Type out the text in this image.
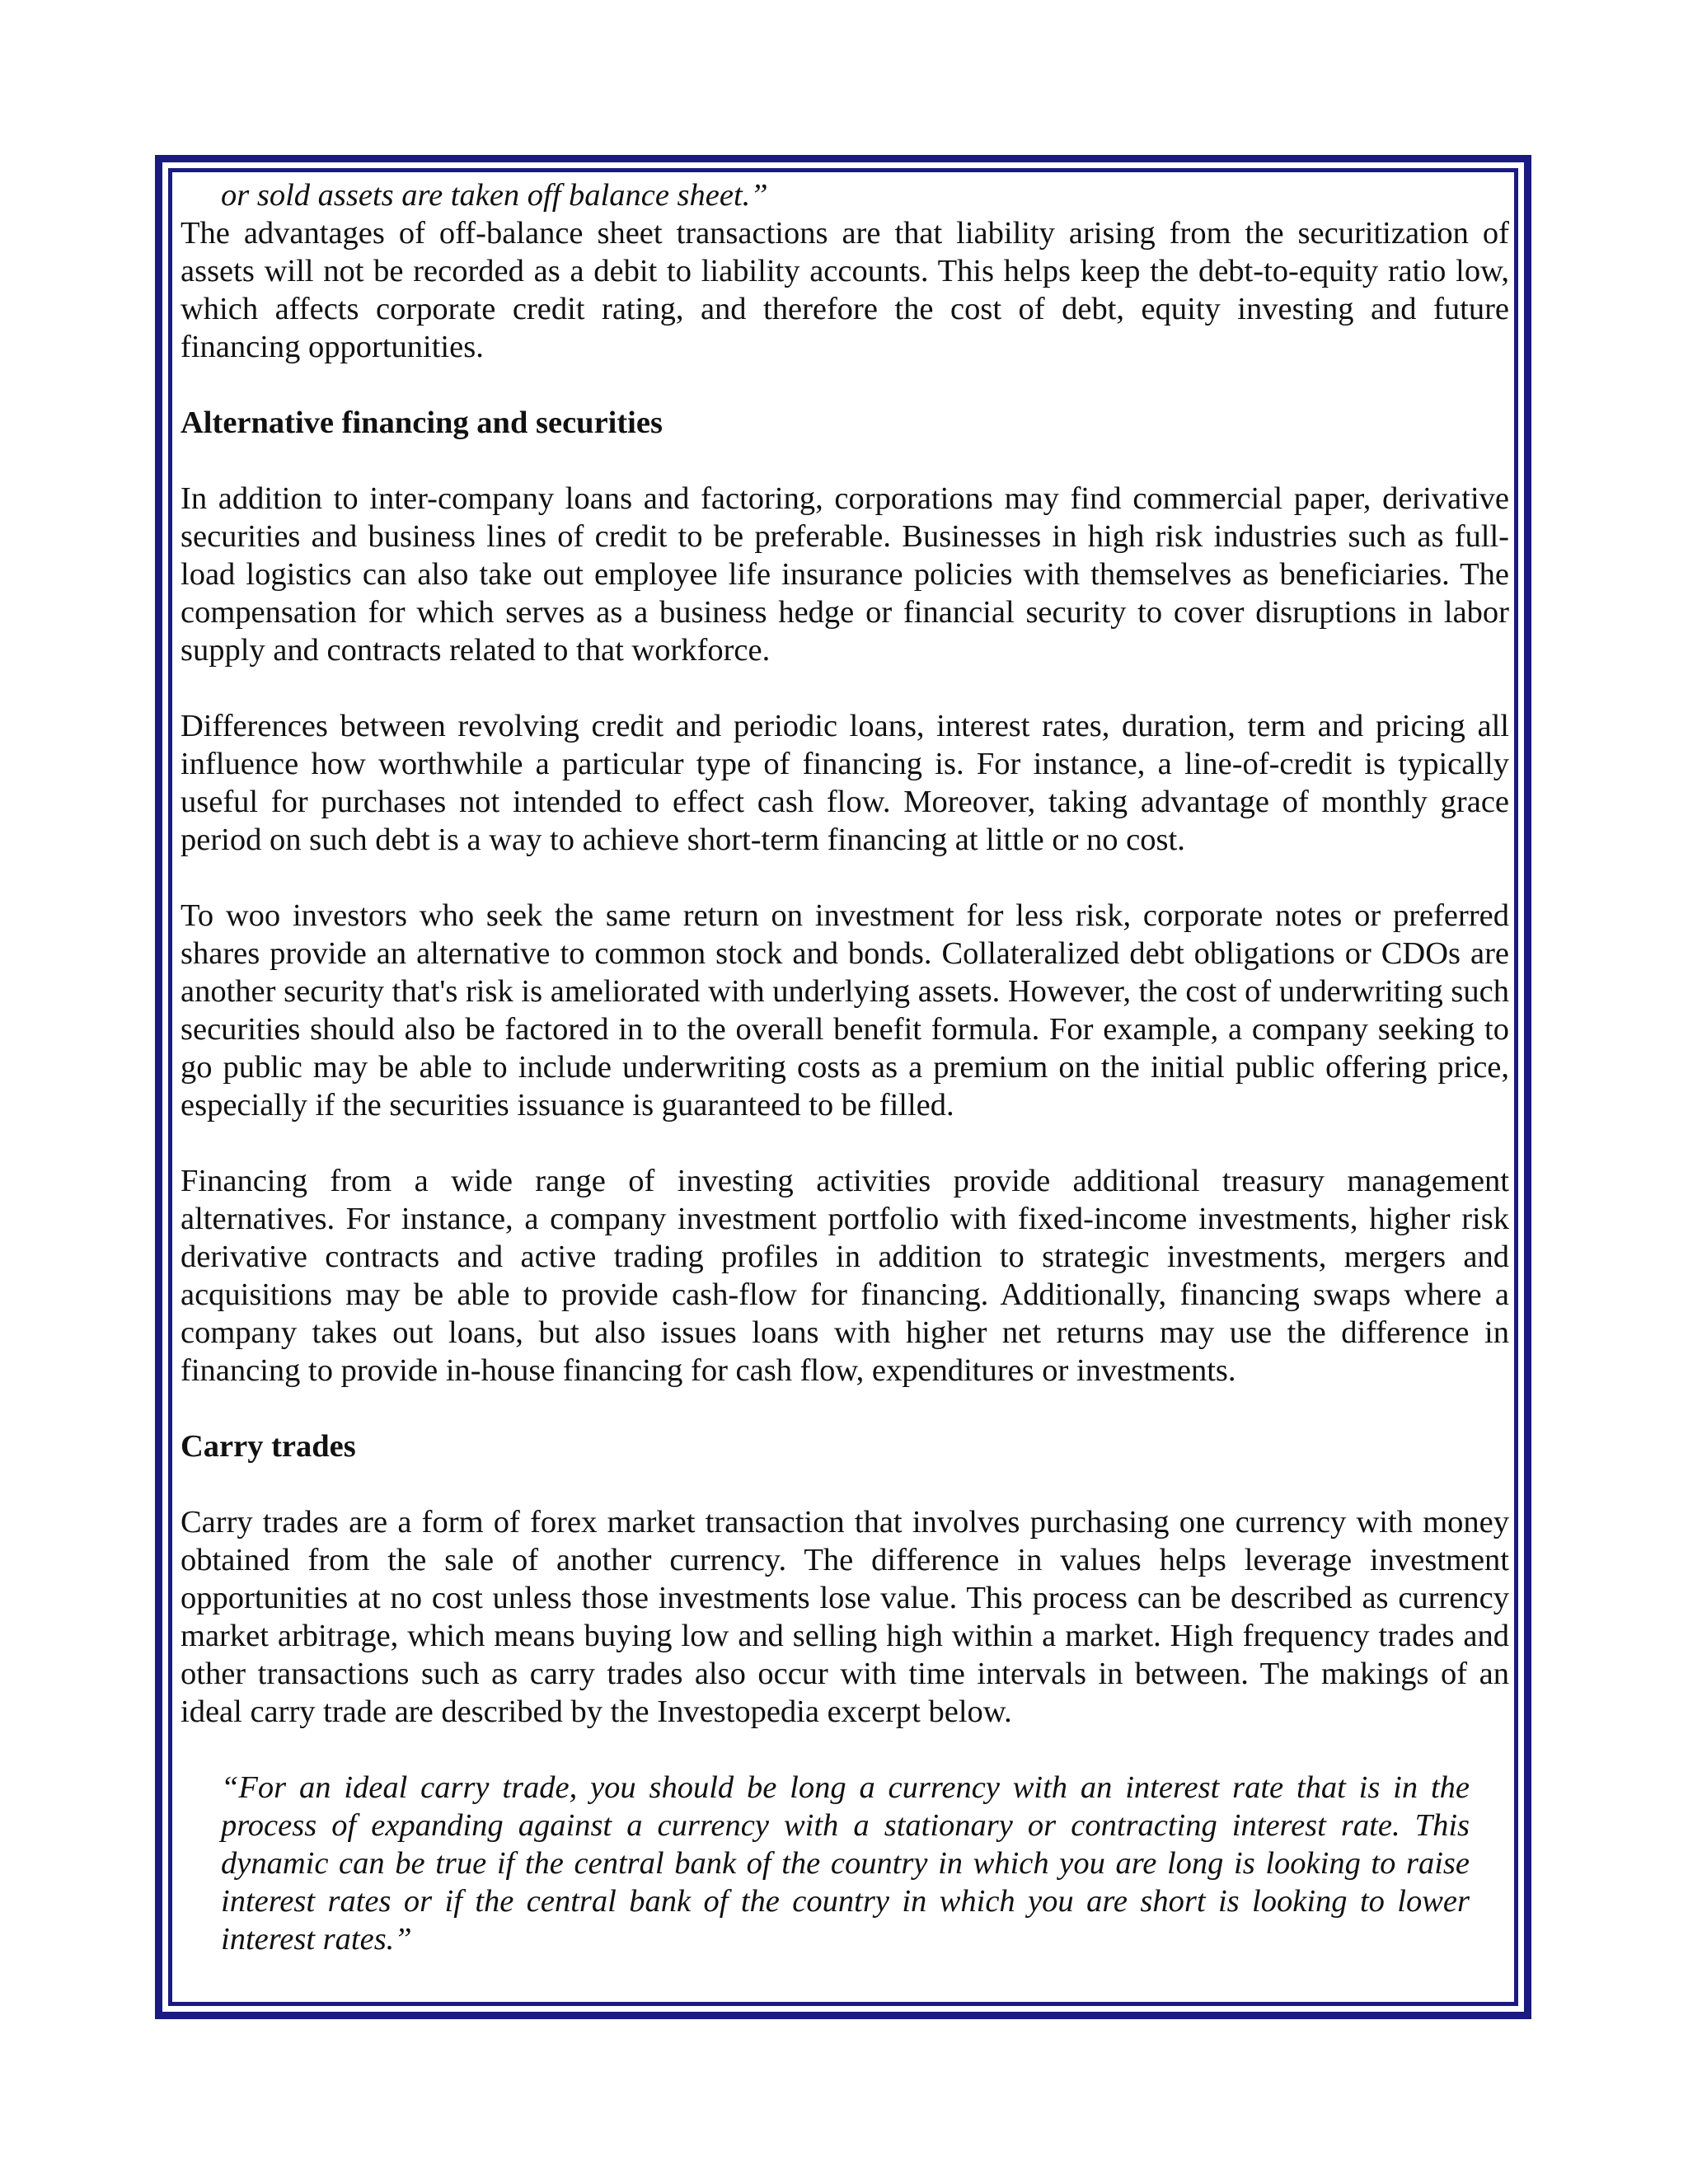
or sold assets are taken off balance sheet.”

The advantages of off-balance sheet transactions are that liability arising from the securitization of assets will not be recorded as a debit to liability accounts. This helps keep the debt-to-equity ratio low, which affects corporate credit rating, and therefore the cost of debt, equity investing and future financing opportunities.

Alternative financing and securities

In addition to inter-company loans and factoring, corporations may find commercial paper, derivative securities and business lines of credit to be preferable. Businesses in high risk industries such as full-load logistics can also take out employee life insurance policies with themselves as beneficiaries. The compensation for which serves as a business hedge or financial security to cover disruptions in labor supply and contracts related to that workforce.

Differences between revolving credit and periodic loans, interest rates, duration, term and pricing all influence how worthwhile a particular type of financing is. For instance, a line-of-credit is typically useful for purchases not intended to effect cash flow. Moreover, taking advantage of monthly grace period on such debt is a way to achieve short-term financing at little or no cost.

To woo investors who seek the same return on investment for less risk, corporate notes or preferred shares provide an alternative to common stock and bonds. Collateralized debt obligations or CDOs are another security that's risk is ameliorated with underlying assets. However, the cost of underwriting such securities should also be factored in to the overall benefit formula. For example, a company seeking to go public may be able to include underwriting costs as a premium on the initial public offering price, especially if the securities issuance is guaranteed to be filled.

Financing from a wide range of investing activities provide additional treasury management alternatives. For instance, a company investment portfolio with fixed-income investments, higher risk derivative contracts and active trading profiles in addition to strategic investments, mergers and acquisitions may be able to provide cash-flow for financing. Additionally, financing swaps where a company takes out loans, but also issues loans with higher net returns may use the difference in financing to provide in-house financing for cash flow, expenditures or investments.

Carry trades

Carry trades are a form of forex market transaction that involves purchasing one currency with money obtained from the sale of another currency. The difference in values helps leverage investment opportunities at no cost unless those investments lose value. This process can be described as currency market arbitrage, which means buying low and selling high within a market. High frequency trades and other transactions such as carry trades also occur with time intervals in between. The makings of an ideal carry trade are described by the Investopedia excerpt below.

“For an ideal carry trade, you should be long a currency with an interest rate that is in the process of expanding against a currency with a stationary or contracting interest rate. This dynamic can be true if the central bank of the country in which you are long is looking to raise interest rates or if the central bank of the country in which you are short is looking to lower interest rates.”
